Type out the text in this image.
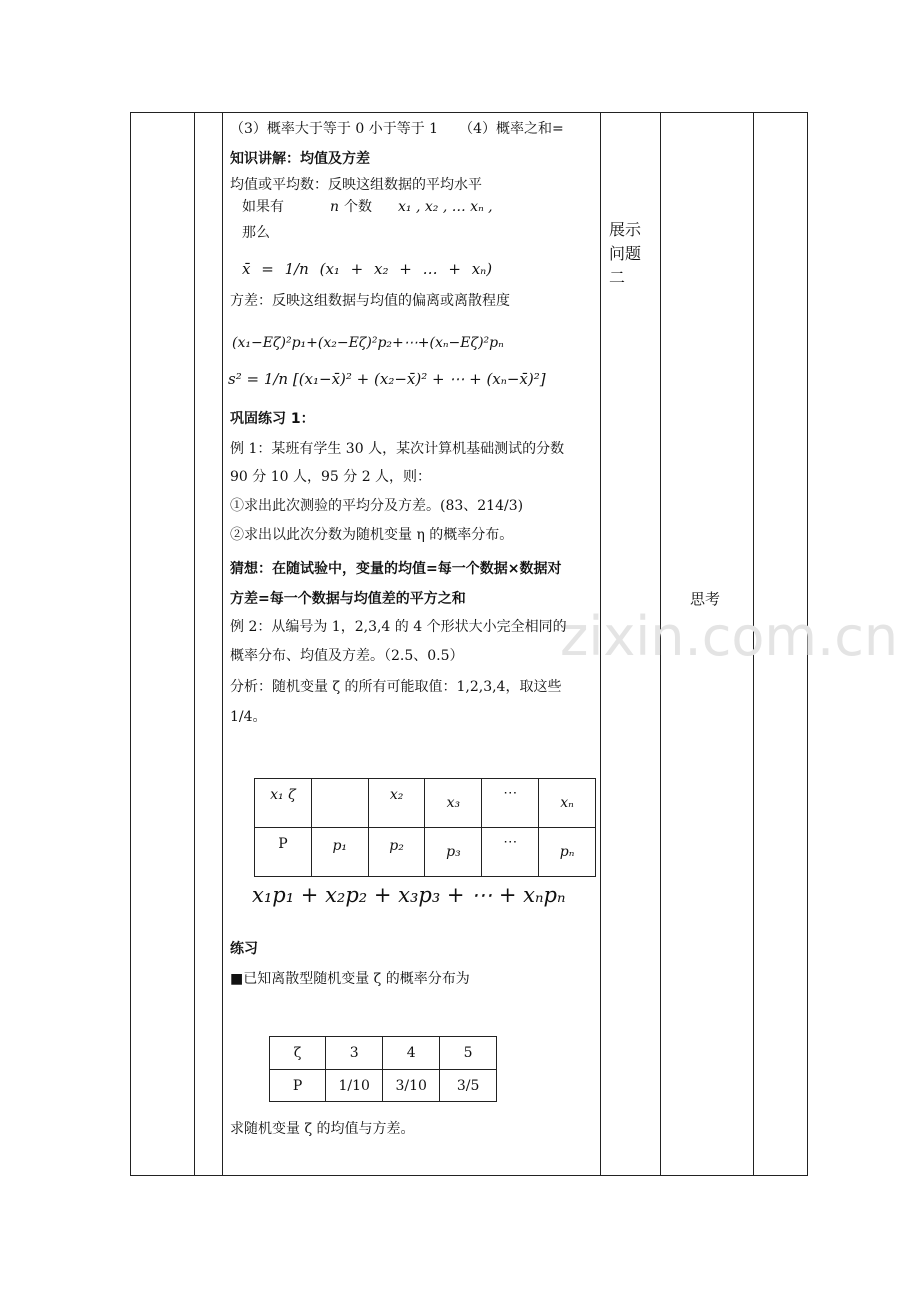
zixin.com.cn
（3）概率大于等于 0 小于等于 1　　（4）概率之和=
知识讲解：均值及方差
均值或平均数：反映这组数据的平均水平
如果有	n 个数 x₁ , x₂ , … xₙ ,
那么
x̄ = 1/n (x₁ + x₂ + … + xₙ)
方差：反映这组数据与均值的偏离或离散程度
(x₁−Eζ)²p₁+(x₂−Eζ)²p₂+⋯+(xₙ−Eζ)²pₙ
s² = 1/n [(x₁−x̄)² + (x₂−x̄)² + ⋯ + (xₙ−x̄)²]
巩固练习 1：
例 1：某班有学生 30 人，某次计算机基础测试的分数
90 分 10 人，95 分 2 人，则：
①求出此次测验的平均分及方差。(83、214/3)
②求出以此次分数为随机变量 η 的概率分布。
猜想：在随试验中，变量的均值=每一个数据×数据对
方差=每一个数据与均值差的平方之和
例 2：从编号为 1，2,3,4 的 4 个形状大小完全相同的
概率分布、均值及方差。（2.5、0.5）
分析：随机变量 ζ 的所有可能取值：1,2,3,4，取这些
1/4。
x₁ ζ		x₂	x₃	⋯	xₙ
P	p₁	p₂	p₃	⋯	pₙ
x₁p₁ + x₂p₂ + x₃p₃ + ⋯ + xₙpₙ
练习
■已知离散型随机变量 ζ 的概率分布为
ζ	3	4	5
P	1/10	3/10	3/5
求随机变量 ζ 的均值与方差。
展示
问题
二
思考
